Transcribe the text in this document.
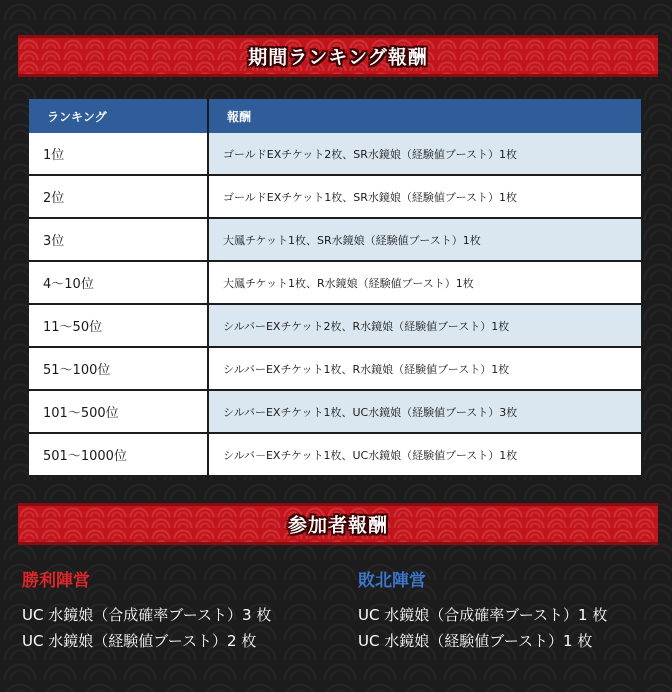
期間ランキング報酬
ランキング	報酬
1位	ゴールドEXチケット2枚、SR水鏡娘（経験値ブースト）1枚
2位	ゴールドEXチケット1枚、SR水鏡娘（経験値ブースト）1枚
3位	大鳳チケット1枚、SR水鏡娘（経験値ブースト）1枚
4～10位	大鳳チケット1枚、R水鏡娘（経験値ブースト）1枚
11～50位	シルバーEXチケット2枚、R水鏡娘（経験値ブースト）1枚
51～100位	シルバーEXチケット1枚、R水鏡娘（経験値ブースト）1枚
101～500位	シルバーEXチケット1枚、UC水鏡娘（経験値ブースト）3枚
501～1000位	シルバ－EXチケット1枚、UC水鏡娘（経験値ブースト）1枚
参加者報酬
勝利陣営
UC 水鏡娘（合成確率ブースト）3 枚
UC 水鏡娘（経験値ブースト）2 枚
敗北陣営
UC 水鏡娘（合成確率ブースト）1 枚
UC 水鏡娘（経験値ブースト）1 枚
